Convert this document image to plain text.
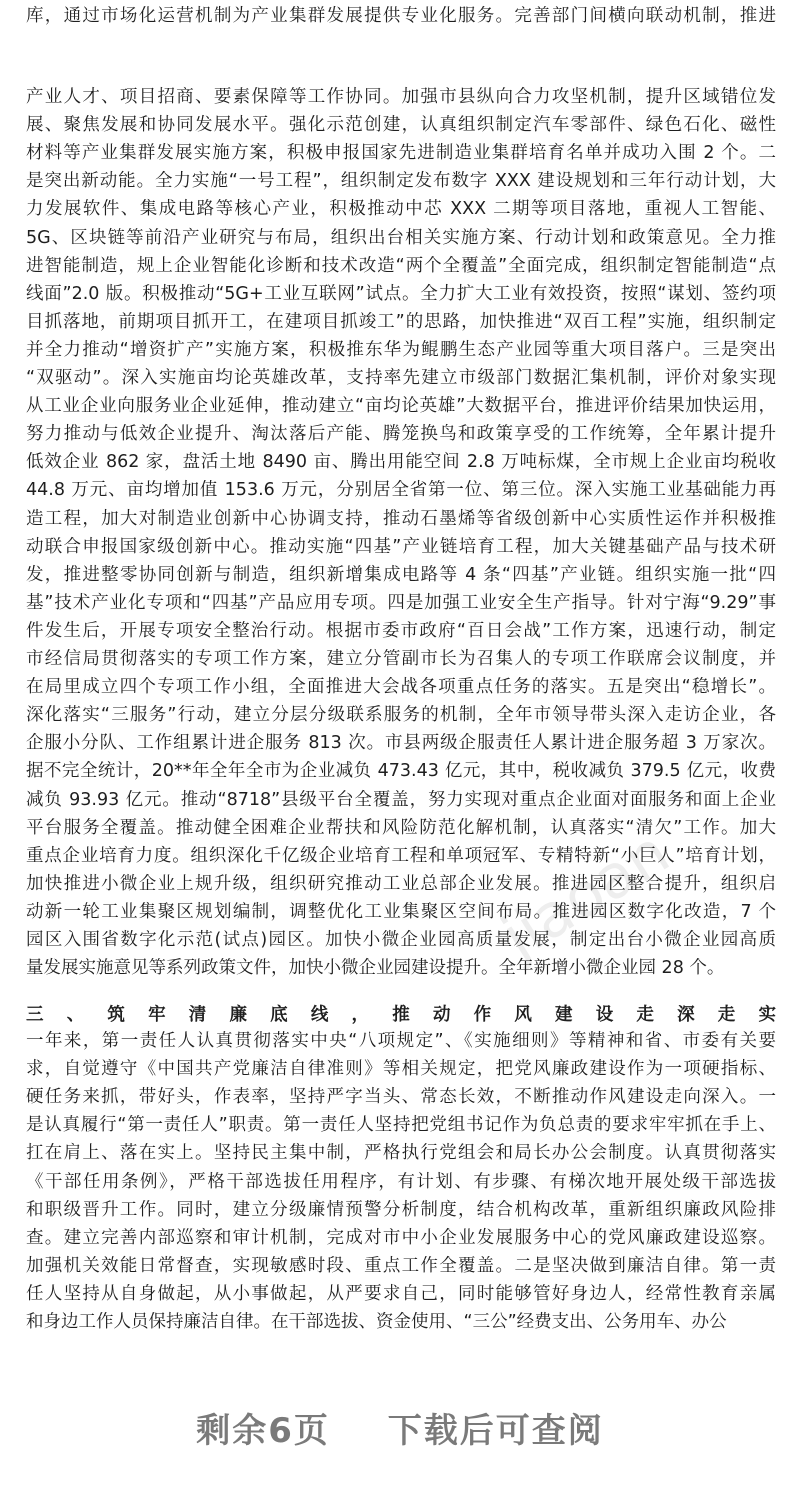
jiaoan
库，通过市场化运营机制为产业集群发展提供专业化服务。完善部门间横向联动机制，推进
产业人才、项目招商、要素保障等工作协同。加强市县纵向合力攻坚机制，提升区域错位发
展、聚焦发展和协同发展水平。强化示范创建，认真组织制定汽车零部件、绿色石化、磁性
材料等产业集群发展实施方案，积极申报国家先进制造业集群培育名单并成功入围 2 个。二
是突出新动能。全力实施“一号工程”，组织制定发布数字 XXX 建设规划和三年行动计划，大
力发展软件、集成电路等核心产业，积极推动中芯 XXX 二期等项目落地，重视人工智能、
5G、区块链等前沿产业研究与布局，组织出台相关实施方案、行动计划和政策意见。全力推
进智能制造，规上企业智能化诊断和技术改造“两个全覆盖”全面完成，组织制定智能制造“点
线面”2.0 版。积极推动“5G+工业互联网”试点。全力扩大工业有效投资，按照“谋划、签约项
目抓落地，前期项目抓开工，在建项目抓竣工”的思路，加快推进“双百工程”实施，组织制定
并全力推动“增资扩产”实施方案，积极推东华为鲲鹏生态产业园等重大项目落户。三是突出
“双驱动”。深入实施亩均论英雄改革，支持率先建立市级部门数据汇集机制，评价对象实现
从工业企业向服务业企业延伸，推动建立“亩均论英雄”大数据平台，推进评价结果加快运用，
努力推动与低效企业提升、淘汰落后产能、腾笼换鸟和政策享受的工作统筹，全年累计提升
低效企业 862 家，盘活土地 8490 亩、腾出用能空间 2.8 万吨标煤，全市规上企业亩均税收
44.8 万元、亩均增加值 153.6 万元，分别居全省第一位、第三位。深入实施工业基础能力再
造工程，加大对制造业创新中心协调支持，推动石墨烯等省级创新中心实质性运作并积极推
动联合申报国家级创新中心。推动实施“四基”产业链培育工程，加大关键基础产品与技术研
发，推进整零协同创新与制造，组织新增集成电路等 4 条“四基”产业链。组织实施一批“四
基”技术产业化专项和“四基”产品应用专项。四是加强工业安全生产指导。针对宁海“9.29”事
件发生后，开展专项安全整治行动。根据市委市政府“百日会战”工作方案，迅速行动，制定
市经信局贯彻落实的专项工作方案，建立分管副市长为召集人的专项工作联席会议制度，并
在局里成立四个专项工作小组，全面推进大会战各项重点任务的落实。五是突出“稳增长”。
深化落实“三服务”行动，建立分层分级联系服务的机制，全年市领导带头深入走访企业，各
企服小分队、工作组累计进企服务 813 次。市县两级企服责任人累计进企服务超 3 万家次。
据不完全统计，20**年全年全市为企业减负 473.43 亿元，其中，税收减负 379.5 亿元，收费
减负 93.93 亿元。推动“8718”县级平台全覆盖，努力实现对重点企业面对面服务和面上企业
平台服务全覆盖。推动健全困难企业帮扶和风险防范化解机制，认真落实“清欠”工作。加大
重点企业培育力度。组织深化千亿级企业培育工程和单项冠军、专精特新“小巨人”培育计划，
加快推进小微企业上规升级，组织研究推动工业总部企业发展。推进园区整合提升，组织启
动新一轮工业集聚区规划编制，调整优化工业集聚区空间布局。推进园区数字化改造，7 个
园区入围省数字化示范(试点)园区。加快小微企业园高质量发展，制定出台小微企业园高质
量发展实施意见等系列政策文件，加快小微企业园建设提升。全年新增小微企业园 28 个。
三、筑牢清廉底线，推动作风建设走深走实
一年来，第一责任人认真贯彻落实中央“八项规定”、《实施细则》等精神和省、市委有关要
求，自觉遵守《中国共产党廉洁自律准则》等相关规定，把党风廉政建设作为一项硬指标、
硬任务来抓，带好头，作表率，坚持严字当头、常态长效，不断推动作风建设走向深入。一
是认真履行“第一责任人”职责。第一责任人坚持把党组书记作为负总责的要求牢牢抓在手上、
扛在肩上、落在实上。坚持民主集中制，严格执行党组会和局长办公会制度。认真贯彻落实
《干部任用条例》，严格干部选拔任用程序，有计划、有步骤、有梯次地开展处级干部选拔
和职级晋升工作。同时，建立分级廉情预警分析制度，结合机构改革，重新组织廉政风险排
查。建立完善内部巡察和审计机制，完成对市中小企业发展服务中心的党风廉政建设巡察。
加强机关效能日常督查，实现敏感时段、重点工作全覆盖。二是坚决做到廉洁自律。第一责
任人坚持从自身做起，从小事做起，从严要求自己，同时能够管好身边人，经常性教育亲属
和身边工作人员保持廉洁自律。在干部选拔、资金使用、“三公”经费支出、公务用车、办公
剩余6页 下载后可查阅
